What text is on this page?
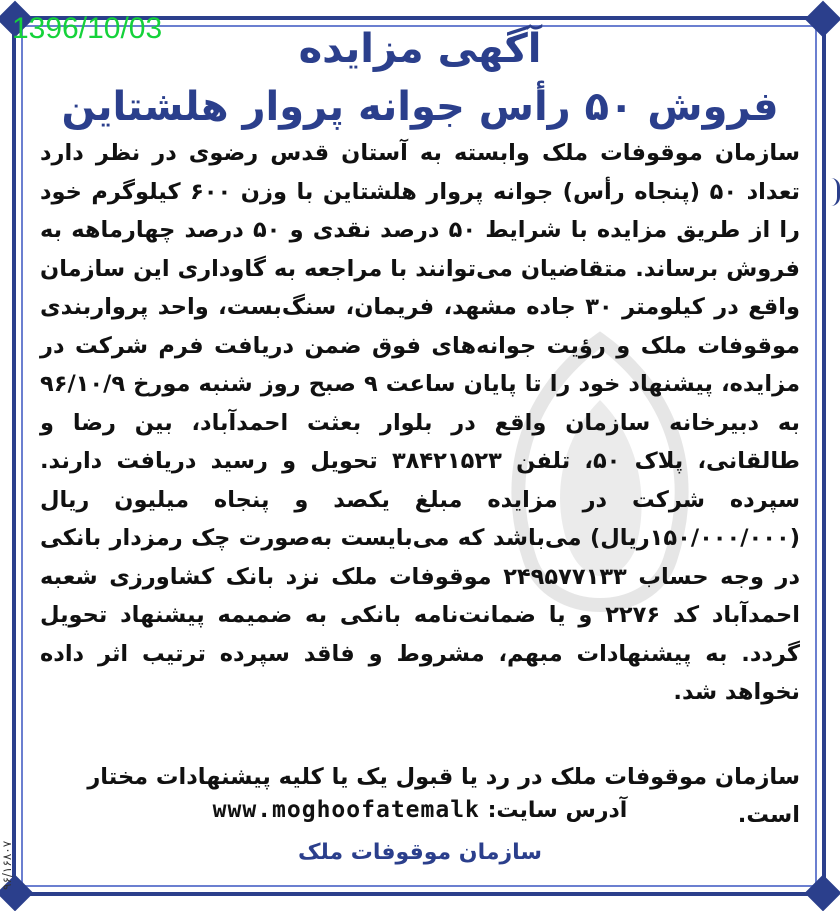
1396/10/03	آگهی مزایده
فروش ۵۰ رأس جوانه پروار هلشتاین

سازمان موقوفات ملک وابسته به آستان قدس رضوی در نظر دارد تعداد ۵۰ (پنجاه رأس) جوانه پروار هلشتاین با وزن ۶۰۰ کیلوگرم خود را از طریق مزایده با شرایط ۵۰ درصد نقدی و ۵۰ درصد چهارماهه به فروش برساند. متقاضیان می‌توانند با مراجعه به گاوداری این سازمان واقع در کیلومتر ۳۰ جاده مشهد، فریمان، سنگ‌بست، واحد پرواربندی موقوفات ملک و رؤیت جوانه‌های فوق ضمن دریافت فرم شرکت در مزایده، پیشنهاد خود را تا پایان ساعت ۹ صبح روز شنبه مورخ ۹۶/۱۰/۹ به دبیرخانه سازمان واقع در بلوار بعثت احمدآباد، بین رضا و طالقانی، پلاک ۵۰، تلفن ۳۸۴۲۱۵۲۳ تحویل و رسید دریافت دارند. سپرده شرکت در مزایده مبلغ یکصد و پنجاه میلیون ریال (۱۵۰/۰۰۰/۰۰۰ریال) می‌باشد که می‌بایست به‌صورت چک رمزدار بانکی در وجه حساب ۲۴۹۵۷۷۱۳۳ موقوفات ملک نزد بانک کشاورزی شعبه احمدآباد کد ۲۲۷۶ و یا ضمانت‌نامه بانکی به ضمیمه پیشنهاد تحویل گردد. به پیشنهادات مبهم، مشروط و فاقد سپرده ترتیب اثر داده نخواهد شد.

سازمان موقوفات ملک در رد یا قبول یک یا کلیه پیشنهادات مختار است.
آدرس سایت: www.moghoofatemalk
سازمان موقوفات ملک
۹۶/۱۶۸۰۷
